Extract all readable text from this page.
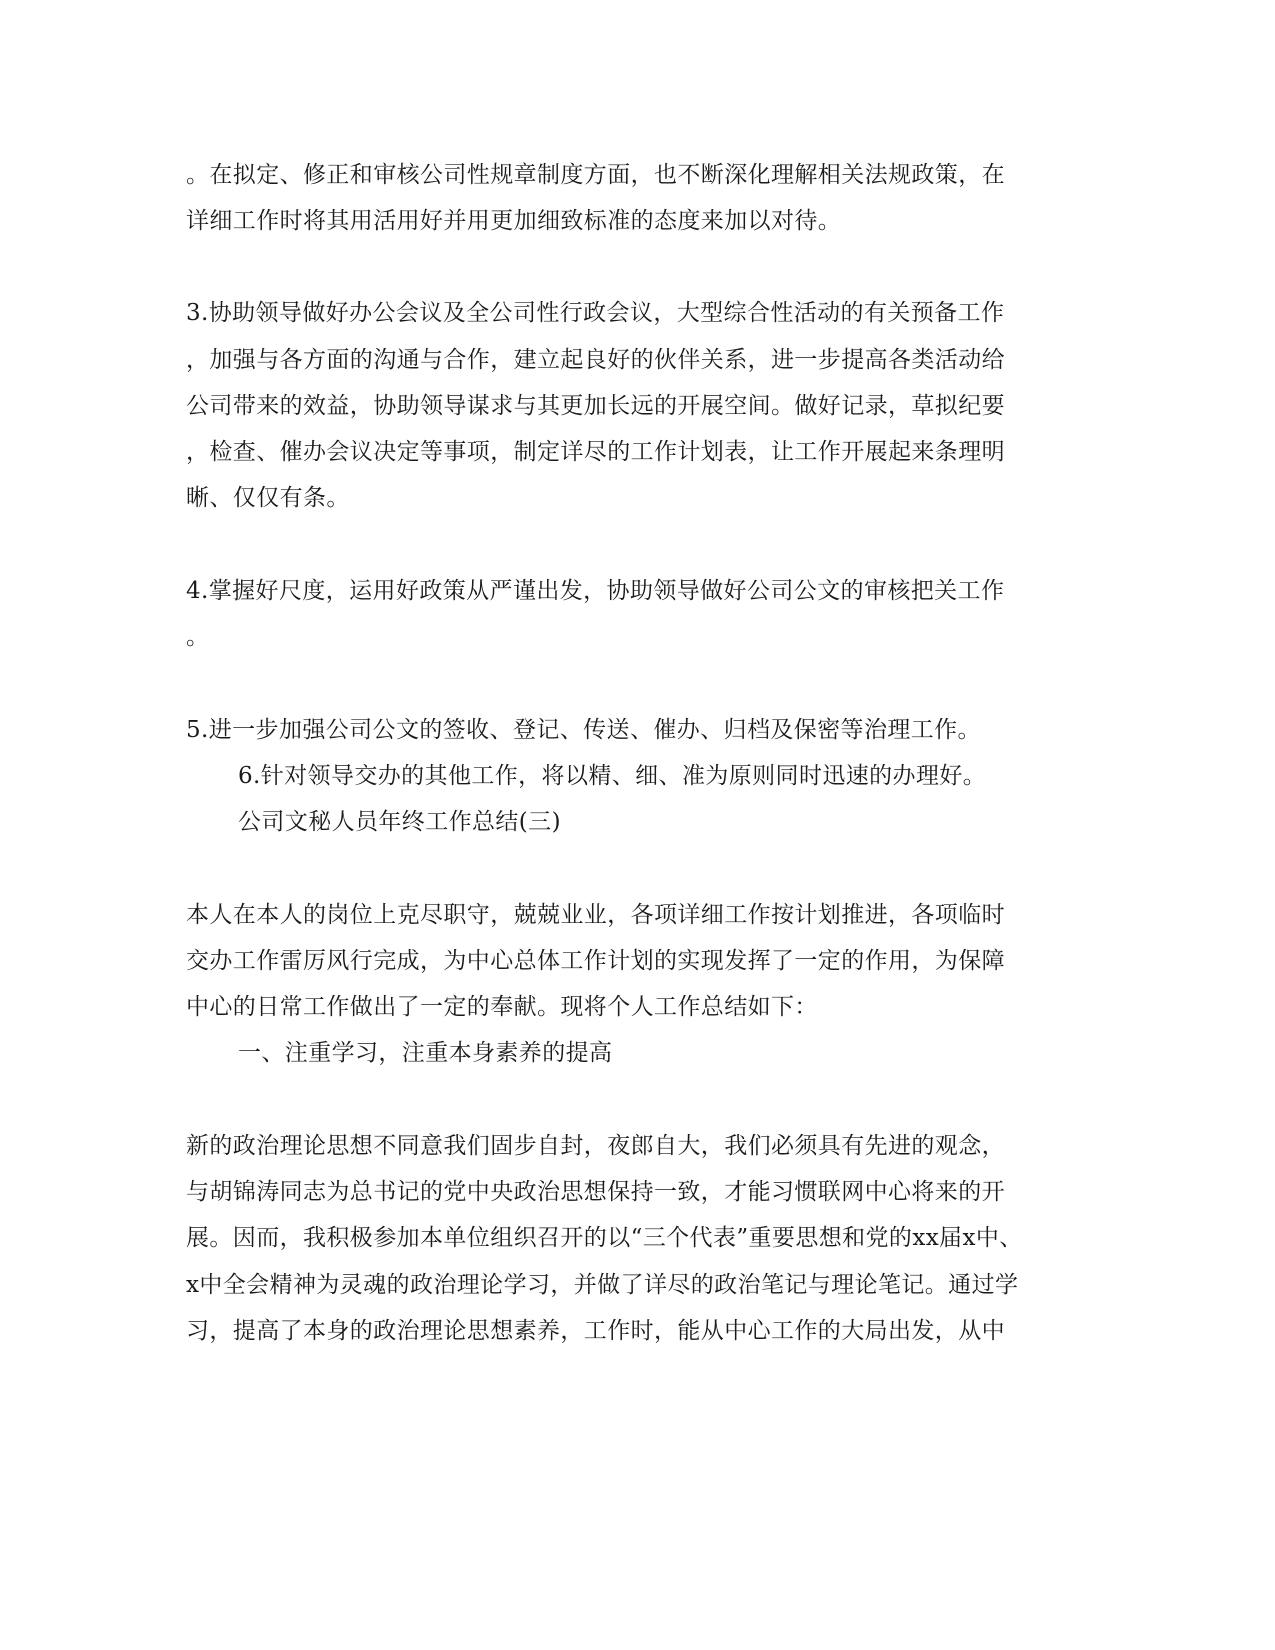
。在拟定、修正和审核公司性规章制度方面，也不断深化理解相关法规政策，在
详细工作时将其用活用好并用更加细致标准的态度来加以对待。
3.协助领导做好办公会议及全公司性行政会议，大型综合性活动的有关预备工作
，加强与各方面的沟通与合作，建立起良好的伙伴关系，进一步提高各类活动给
公司带来的效益，协助领导谋求与其更加长远的开展空间。做好记录，草拟纪要
，检查、催办会议决定等事项，制定详尽的工作计划表，让工作开展起来条理明
晰、仅仅有条。
4.掌握好尺度，运用好政策从严谨出发，协助领导做好公司公文的审核把关工作
。
5.进一步加强公司公文的签收、登记、传送、催办、归档及保密等治理工作。
6.针对领导交办的其他工作，将以精、细、准为原则同时迅速的办理好。
公司文秘人员年终工作总结(三)
本人在本人的岗位上克尽职守，兢兢业业，各项详细工作按计划推进，各项临时
交办工作雷厉风行完成，为中心总体工作计划的实现发挥了一定的作用，为保障
中心的日常工作做出了一定的奉献。现将个人工作总结如下：
一、注重学习，注重本身素养的提高
新的政治理论思想不同意我们固步自封，夜郎自大，我们必须具有先进的观念，
与胡锦涛同志为总书记的党中央政治思想保持一致，才能习惯联网中心将来的开
展。因而，我积极参加本单位组织召开的以“三个代表”重要思想和党的xx届x中、
x中全会精神为灵魂的政治理论学习，并做了详尽的政治笔记与理论笔记。通过学
习，提高了本身的政治理论思想素养，工作时，能从中心工作的大局出发，从中
